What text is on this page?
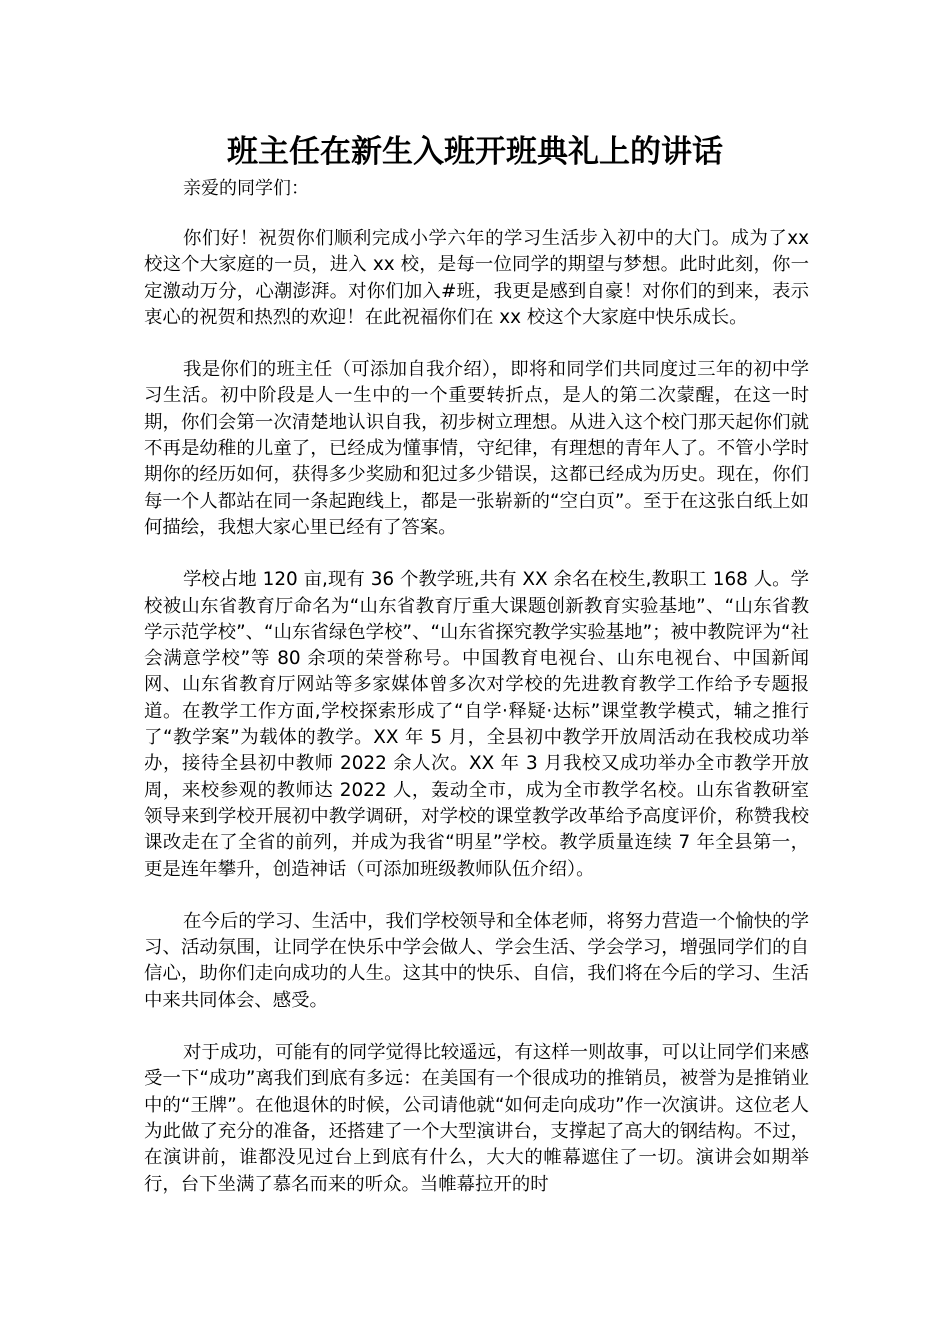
班主任在新生入班开班典礼上的讲话

亲爱的同学们：

你们好！祝贺你们顺利完成小学六年的学习生活步入初中的大门。成为了xx 校这个大家庭的一员，进入 xx 校，是每一位同学的期望与梦想。此时此刻，你一定激动万分，心潮澎湃。对你们加入#班，我更是感到自豪！对你们的到来，表示衷心的祝贺和热烈的欢迎！在此祝福你们在 xx 校这个大家庭中快乐成长。

我是你们的班主任（可添加自我介绍），即将和同学们共同度过三年的初中学习生活。初中阶段是人一生中的一个重要转折点，是人的第二次蒙醒，在这一时期，你们会第一次清楚地认识自我，初步树立理想。从进入这个校门那天起你们就不再是幼稚的儿童了，已经成为懂事情，守纪律，有理想的青年人了。不管小学时期你的经历如何，获得多少奖励和犯过多少错误，这都已经成为历史。现在，你们每一个人都站在同一条起跑线上，都是一张崭新的“空白页”。至于在这张白纸上如何描绘，我想大家心里已经有了答案。

学校占地 120 亩,现有 36 个教学班,共有 XX 余名在校生,教职工 168 人。学校被山东省教育厅命名为“山东省教育厅重大课题创新教育实验基地”、“山东省教学示范学校”、“山东省绿色学校”、“山东省探究教学实验基地”；被中教院评为“社会满意学校”等 80 余项的荣誉称号。中国教育电视台、山东电视台、中国新闻网、山东省教育厅网站等多家媒体曾多次对学校的先进教育教学工作给予专题报道。在教学工作方面,学校探索形成了“自学·释疑·达标”课堂教学模式，辅之推行了“教学案”为载体的教学。XX 年 5 月，全县初中教学开放周活动在我校成功举办，接待全县初中教师 2022 余人次。XX 年 3 月我校又成功举办全市教学开放周，来校参观的教师达 2022 人，轰动全市，成为全市教学名校。山东省教研室领导来到学校开展初中教学调研，对学校的课堂教学改革给予高度评价，称赞我校课改走在了全省的前列，并成为我省“明星”学校。教学质量连续 7 年全县第一，更是连年攀升，创造神话（可添加班级教师队伍介绍）。

在今后的学习、生活中，我们学校领导和全体老师，将努力营造一个愉快的学习、活动氛围，让同学在快乐中学会做人、学会生活、学会学习，增强同学们的自信心，助你们走向成功的人生。这其中的快乐、自信，我们将在今后的学习、生活中来共同体会、感受。

对于成功，可能有的同学觉得比较遥远，有这样一则故事，可以让同学们来感受一下“成功”离我们到底有多远：在美国有一个很成功的推销员，被誉为是推销业中的“王牌”。在他退休的时候，公司请他就“如何走向成功”作一次演讲。这位老人为此做了充分的准备，还搭建了一个大型演讲台，支撑起了高大的钢结构。不过，在演讲前，谁都没见过台上到底有什么，大大的帷幕遮住了一切。演讲会如期举行，台下坐满了慕名而来的听众。当帷幕拉开的时
